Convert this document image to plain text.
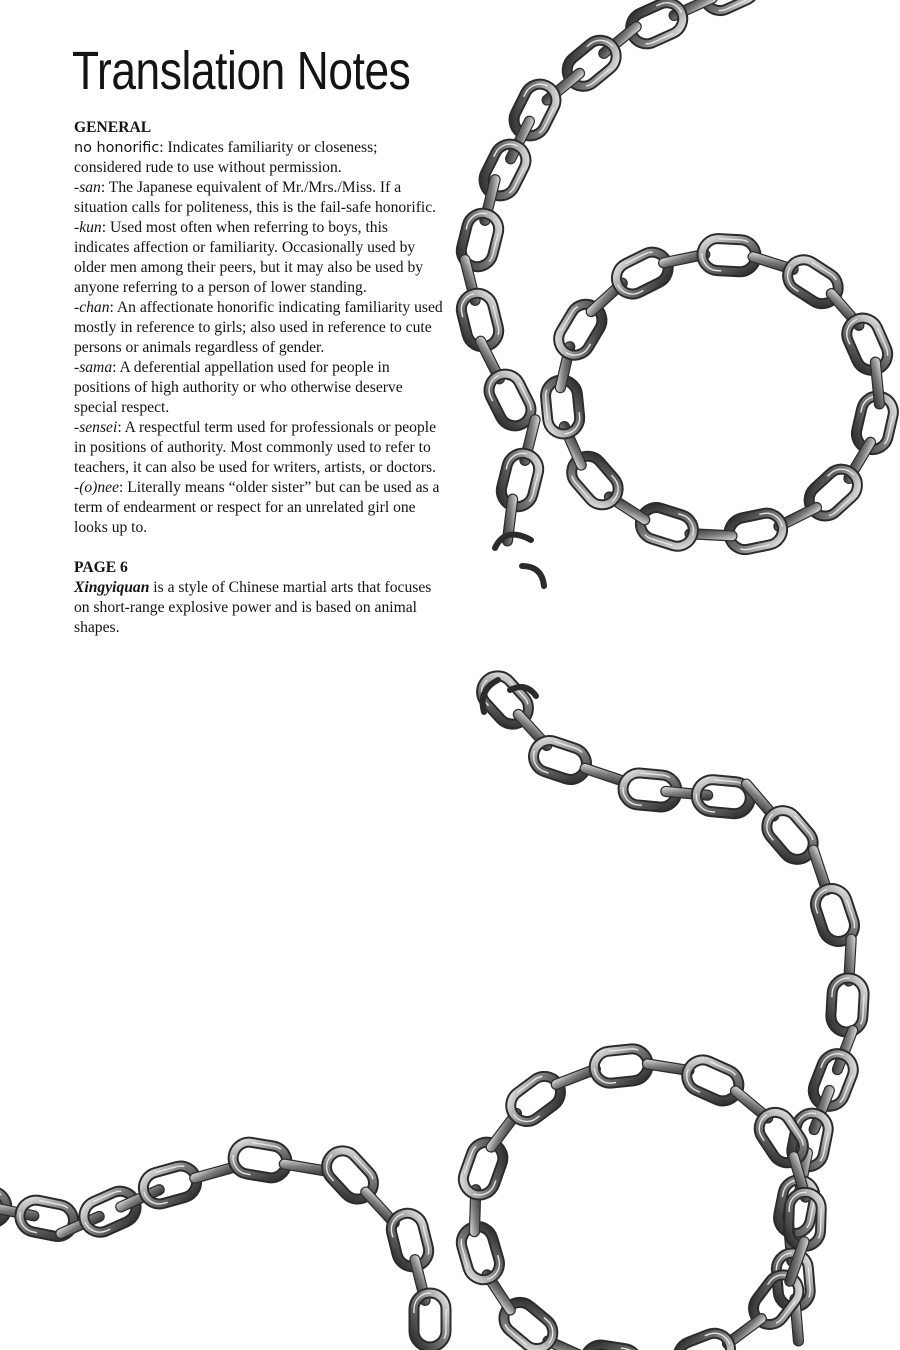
Translation Notes
GENERAL

no honorific: Indicates familiarity or closeness; considered rude to use without permission.

-san: The Japanese equivalent of Mr./Mrs./Miss. If a situation calls for politeness, this is the fail-safe honorific.

-kun: Used most often when referring to boys, this indicates affection or familiarity. Occasionally used by older men among their peers, but it may also be used by anyone referring to a person of lower standing.

-chan: An affectionate honorific indicating familiarity used mostly in reference to girls; also used in reference to cute persons or animals regardless of gender.

-sama: A deferential appellation used for people in positions of high authority or who otherwise deserve special respect.

-sensei: A respectful term used for professionals or people in positions of authority. Most commonly used to refer to teachers, it can also be used for writers, artists, or doctors.

-(o)nee: Literally means “older sister” but can be used as a term of endearment or respect for an unrelated girl one looks up to.

PAGE 6

Xingyiquan is a style of Chinese martial arts that focuses on short-range explosive power and is based on animal shapes.
